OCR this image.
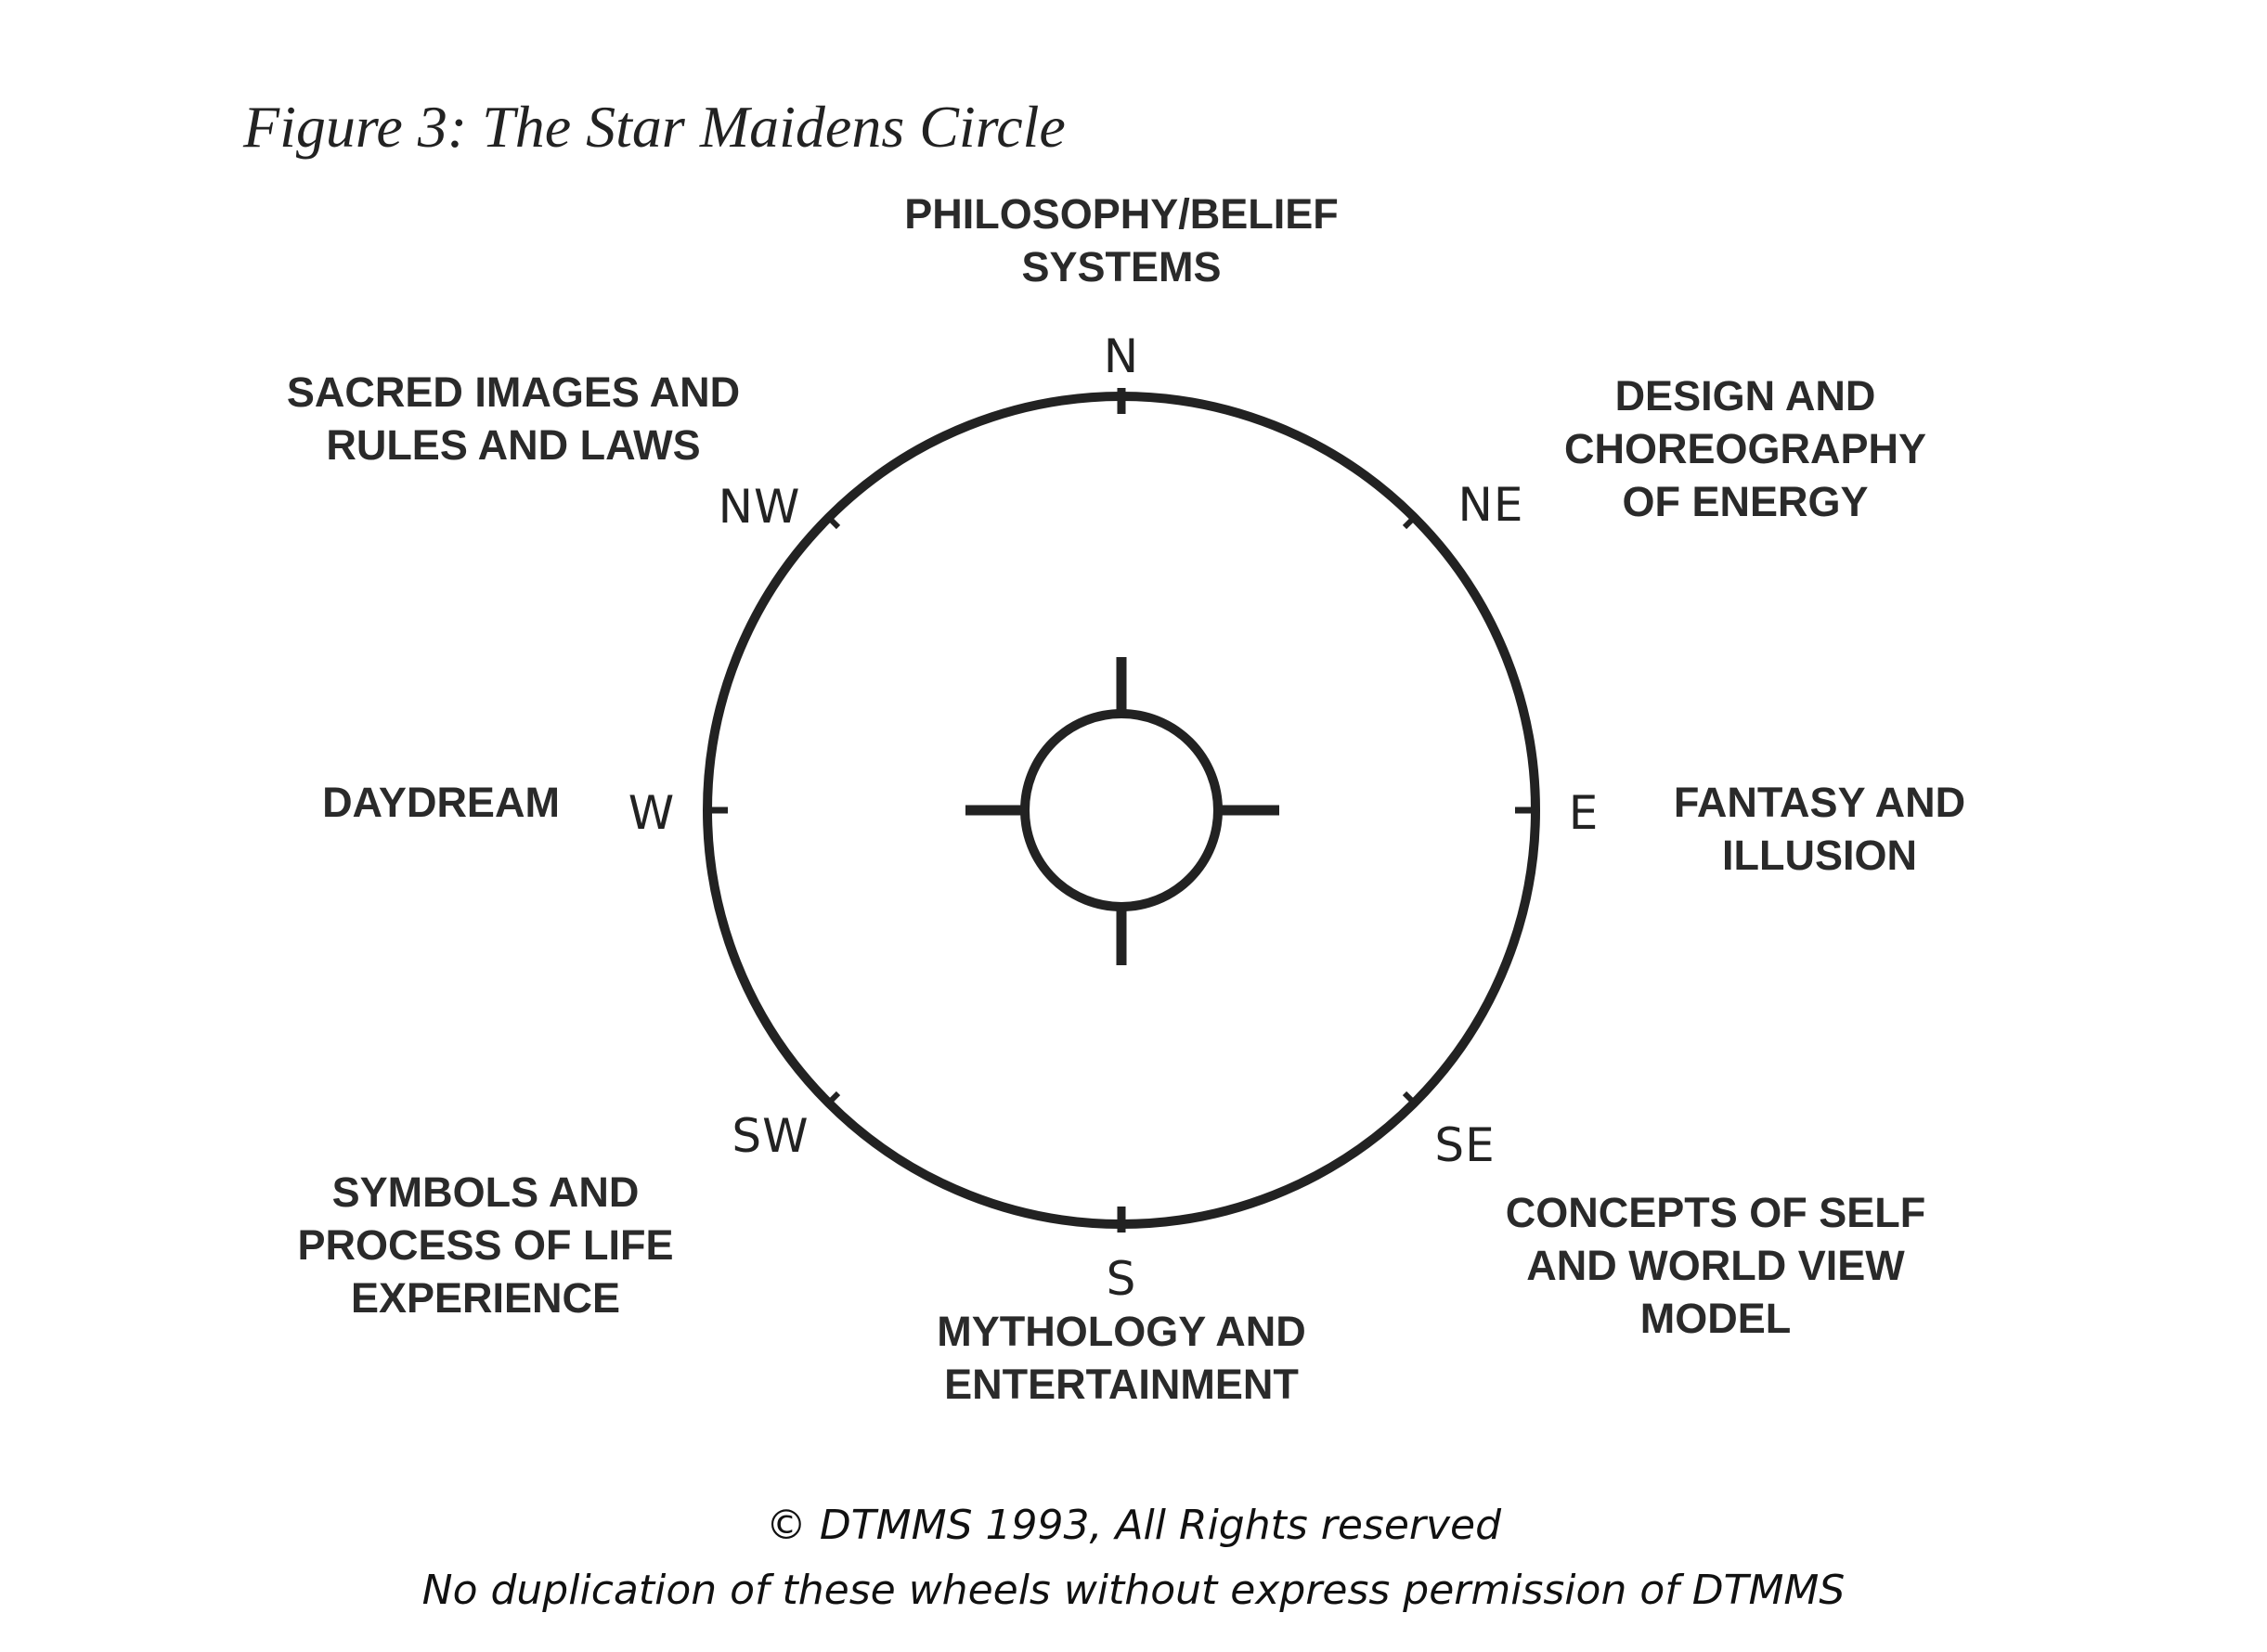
Figure 3: The Star Maidens Circle
N
NE
E
SE
S
SW
W
NW
PHILOSOPHY/BELIEF
SYSTEMS
DESIGN AND
CHOREOGRAPHY
OF ENERGY
FANTASY AND
ILLUSION
CONCEPTS OF SELF
AND WORLD VIEW
MODEL
MYTHOLOGY AND
ENTERTAINMENT
SYMBOLS AND
PROCESS OF LIFE
EXPERIENCE
DAYDREAM
SACRED IMAGES AND
RULES AND LAWS
© DTMMS 1993, All Rights reserved
No duplication of these wheels without express permission of DTMMS
